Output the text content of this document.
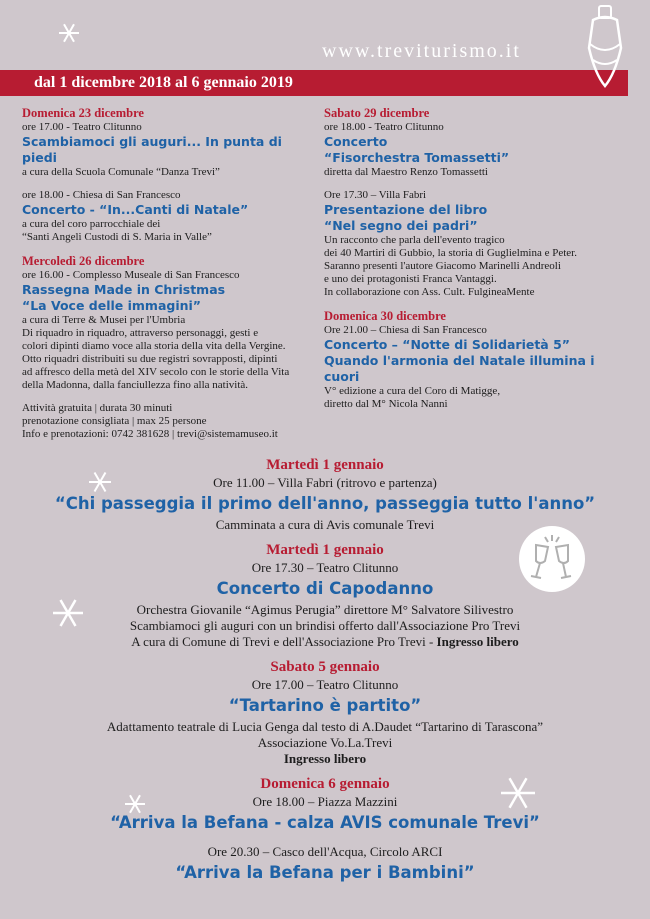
www.treviturismo.it
dal 1 dicembre 2018 al 6 gennaio 2019
Domenica 23 dicembre
ore 17.00 - Teatro Clitunno
Scambiamoci gli auguri... In punta di piedi
a cura della Scuola Comunale “Danza Trevi”
ore 18.00 - Chiesa di San Francesco
Concerto - “In...Canti di Natale”
a cura del coro parrocchiale dei
“Santi Angeli Custodi di S. Maria in Valle”
Mercoledì 26 dicembre
ore 16.00 - Complesso Museale di San Francesco
Rassegna Made in Christmas
“La Voce delle immagini”
a cura di Terre & Musei per l'Umbria
Di riquadro in riquadro, attraverso personaggi, gesti e
colori dipinti diamo voce alla storia della vita della Vergine.
Otto riquadri distribuiti su due registri sovrapposti, dipinti
ad affresco della metà del XIV secolo con le storie della Vita
della Madonna, dalla fanciullezza fino alla natività.
Attività gratuita | durata 30 minuti
prenotazione consigliata | max 25 persone
Info e prenotazioni: 0742 381628 | trevi@sistemamuseo.it
Sabato 29 dicembre
ore 18.00 - Teatro Clitunno
Concerto
“Fisorchestra Tomassetti”
diretta dal Maestro Renzo Tomassetti
Ore 17.30 – Villa Fabri
Presentazione del libro
“Nel segno dei padri”
Un racconto che parla dell'evento tragico
dei 40 Martiri di Gubbio, la storia di Guglielmina e Peter.
Saranno presenti l'autore Giacomo Marinelli Andreoli
e uno dei protagonisti Franca Vantaggi.
In collaborazione con Ass. Cult. FulgineaMente
Domenica 30 dicembre
Ore 21.00 – Chiesa di San Francesco
Concerto – “Notte di Solidarietà 5”
Quando l'armonia del Natale illumina i cuori
V° edizione a cura del Coro di Matigge,
diretto dal M° Nicola Nanni
Martedì 1 gennaio
Ore 11.00 – Villa Fabri (ritrovo e partenza)
“Chi passeggia il primo dell'anno, passeggia tutto l'anno”
Camminata a cura di Avis comunale Trevi
Martedì 1 gennaio
Ore 17.30 – Teatro Clitunno
Concerto di Capodanno
Orchestra Giovanile “Agimus Perugia” direttore M° Salvatore Silivestro
Scambiamoci gli auguri con un brindisi offerto dall'Associazione Pro Trevi
A cura di Comune di Trevi e dell'Associazione Pro Trevi - Ingresso libero
Sabato 5 gennaio
Ore 17.00 – Teatro Clitunno
“Tartarino è partito”
Adattamento teatrale di Lucia Genga dal testo di A.Daudet “Tartarino di Tarascona”
Associazione Vo.La.Trevi
Ingresso libero
Domenica 6 gennaio
Ore 18.00 – Piazza Mazzini
“Arriva la Befana - calza AVIS comunale Trevi”
Ore 20.30 – Casco dell'Acqua, Circolo ARCI
“Arriva la Befana per i Bambini”
